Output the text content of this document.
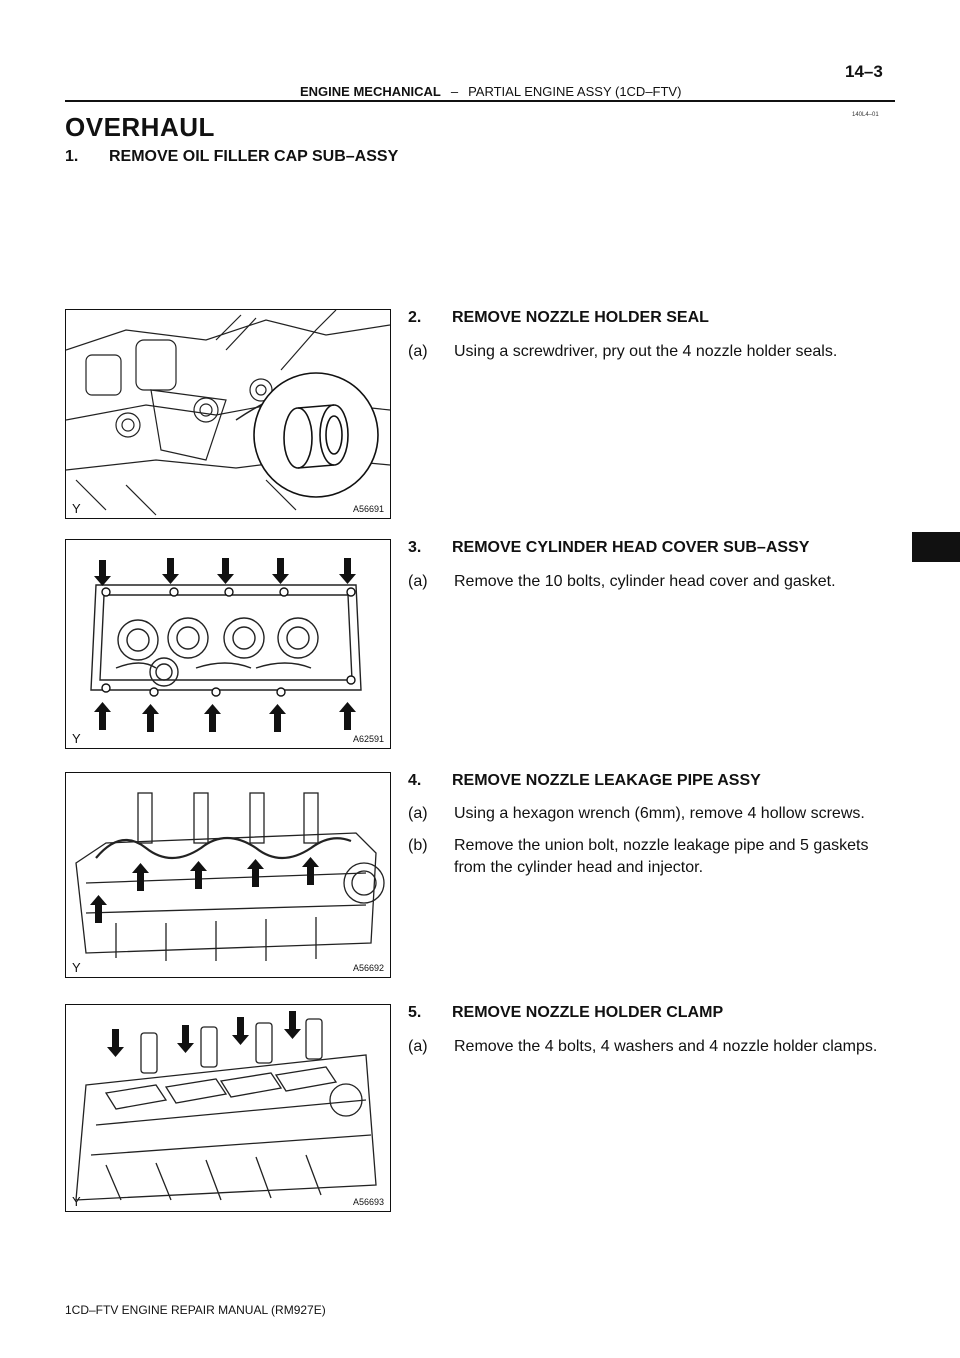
14–3
ENGINE MECHANICAL – PARTIAL ENGINE ASSY (1CD–FTV)
140L4–01
OVERHAUL
1. REMOVE OIL FILLER CAP SUB–ASSY
2. REMOVE NOZZLE HOLDER SEAL
(a) Using a screwdriver, pry out the 4 nozzle holder seals.
3. REMOVE CYLINDER HEAD COVER SUB–ASSY
(a) Remove the 10 bolts, cylinder head cover and gasket.
4. REMOVE NOZZLE LEAKAGE PIPE ASSY
(a) Using a hexagon wrench (6mm), remove 4 hollow screws.
(b) Remove the union bolt, nozzle leakage pipe and 5 gaskets from the cylinder head and injector.
5. REMOVE NOZZLE HOLDER CLAMP
(a) Remove the 4 bolts, 4 washers and 4 nozzle holder clamps.
Y	A56691
Y	A62591
Y	A56692
Y	A56693
1CD–FTV ENGINE REPAIR MANUAL (RM927E)
